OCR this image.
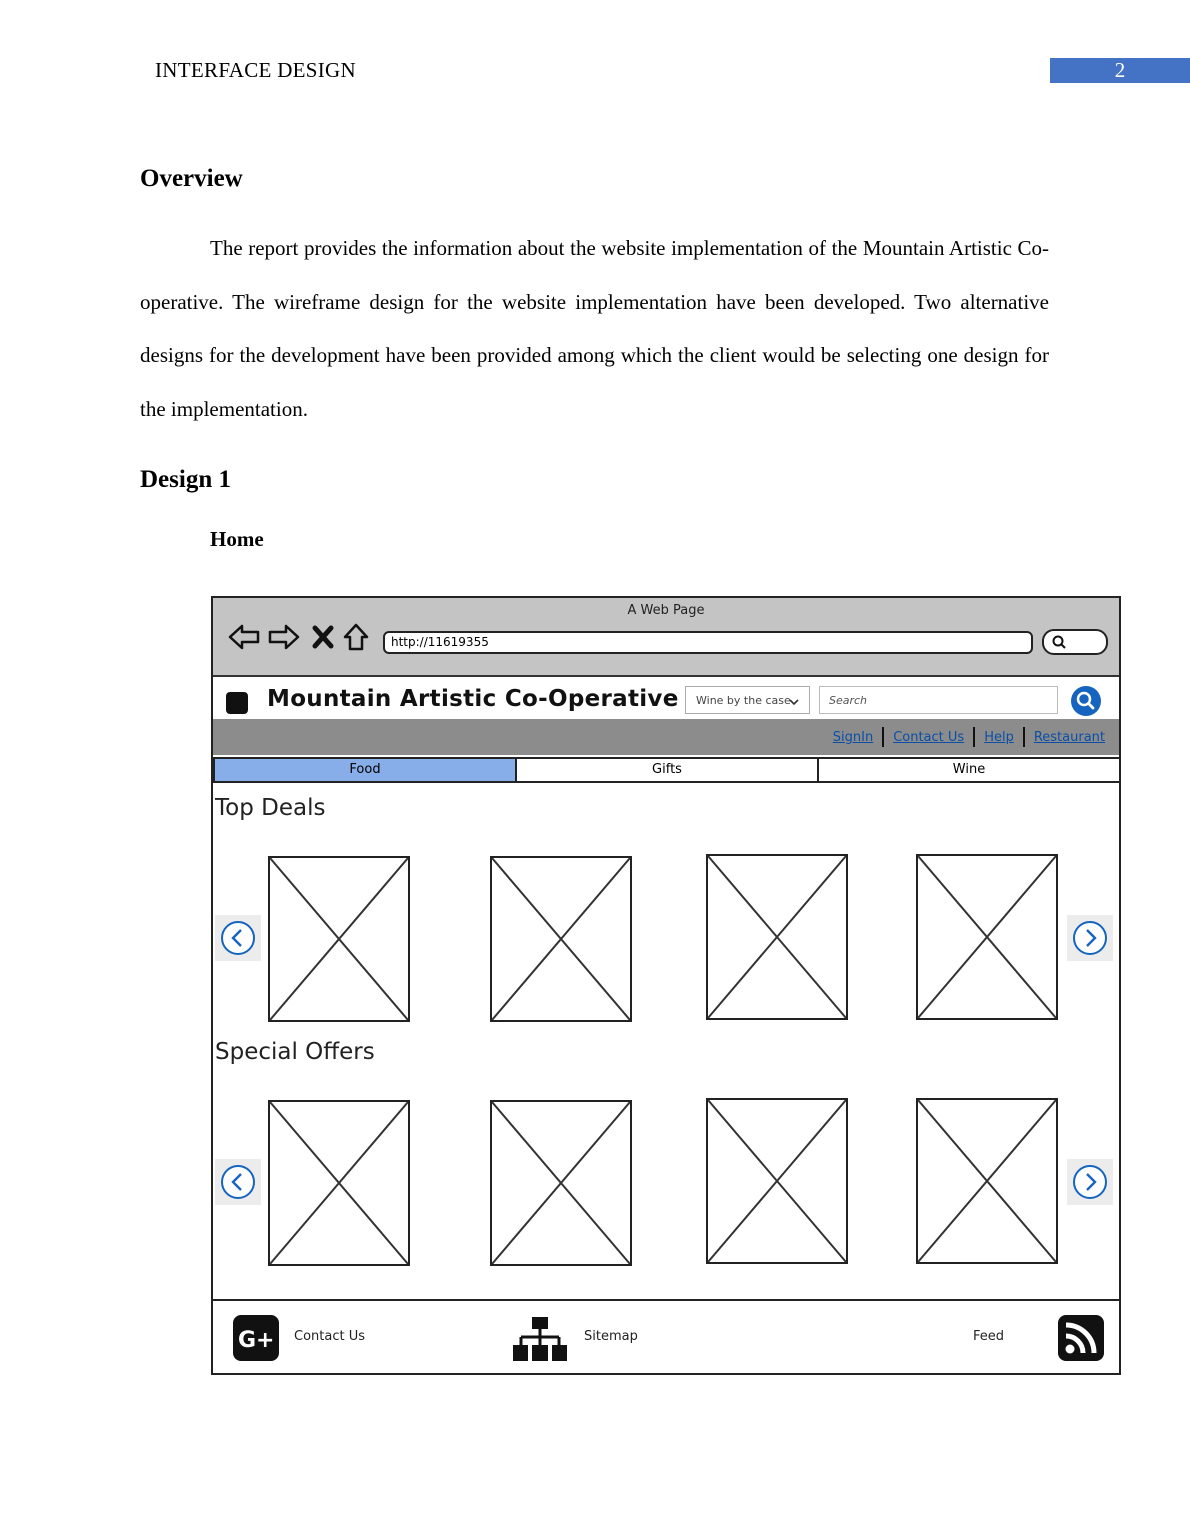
INTERFACE DESIGN	2
Overview

The report provides the information about the website implementation of the Mountain Artistic Co-operative. The wireframe design for the website implementation have been developed. Two alternative designs for the development have been provided among which the client would be selecting one design for the implementation.

Design 1

Home

A Web Page
http://11619355
Mountain Artistic Co-Operative	Wine by the case	Search
SignIn Contact Us Help Restaurant
Food	Gifts	Wine
Top Deals
Special Offers
G+ Contact Us	Sitemap	Feed
